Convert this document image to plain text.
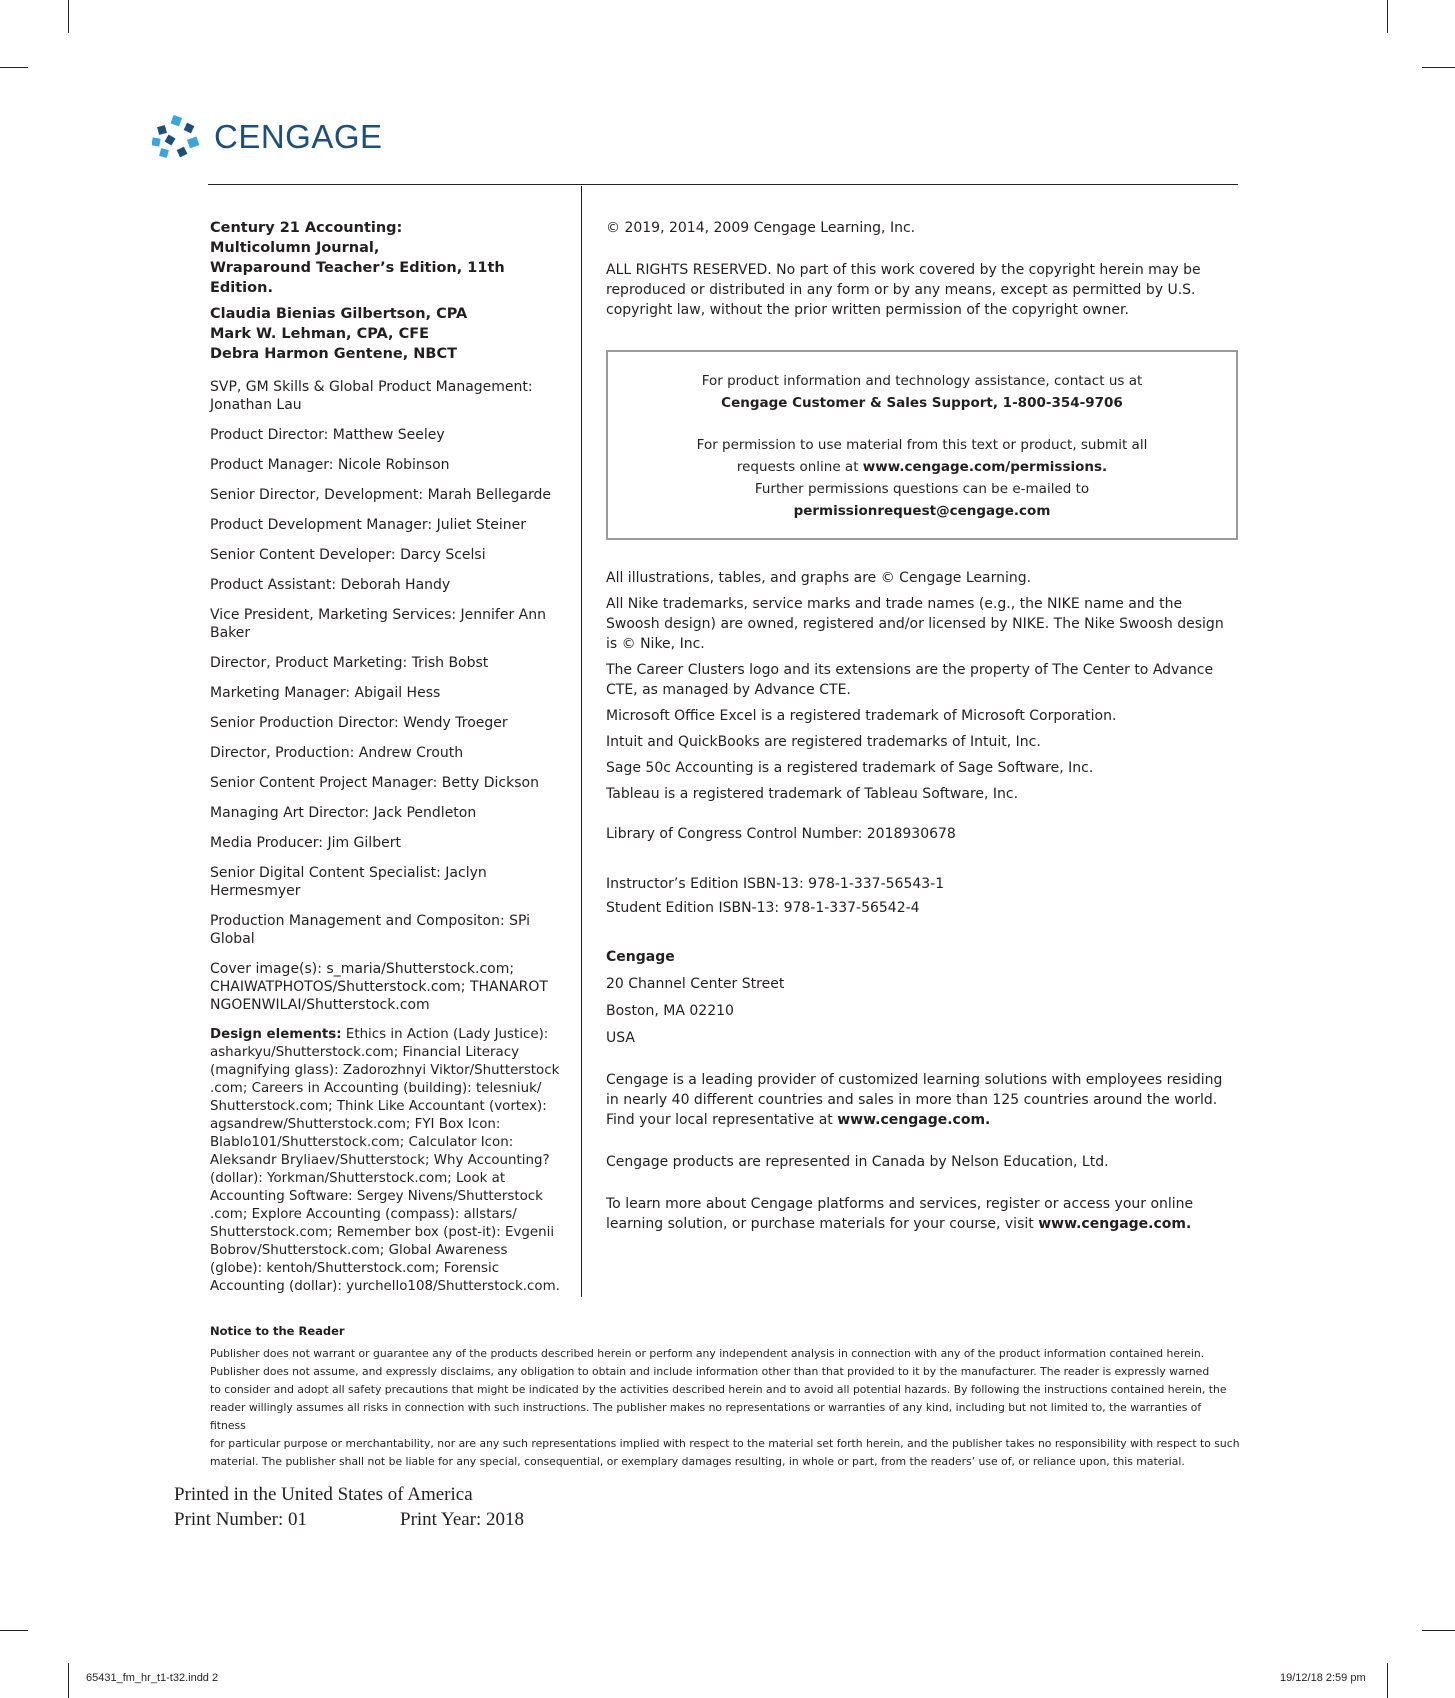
CENGAGE
Century 21 Accounting:
Multicolumn Journal,
Wraparound Teacher’s Edition, 11th Edition.
Claudia Bienias Gilbertson, CPA
Mark W. Lehman, CPA, CFE
Debra Harmon Gentene, NBCT

SVP, GM Skills & Global Product Management: Jonathan Lau

Product Director: Matthew Seeley

Product Manager: Nicole Robinson

Senior Director, Development: Marah Bellegarde

Product Development Manager: Juliet Steiner

Senior Content Developer: Darcy Scelsi

Product Assistant: Deborah Handy

Vice President, Marketing Services: Jennifer Ann Baker

Director, Product Marketing: Trish Bobst

Marketing Manager: Abigail Hess

Senior Production Director: Wendy Troeger

Director, Production: Andrew Crouth

Senior Content Project Manager: Betty Dickson

Managing Art Director: Jack Pendleton

Media Producer: Jim Gilbert

Senior Digital Content Specialist: Jaclyn Hermesmyer

Production Management and Compositon: SPi Global

Cover image(s): s_maria/Shutterstock.com; CHAIWATPHOTOS/Shutterstock.com; THANAROT NGOENWILAI/Shutterstock.com

Design elements: Ethics in Action (Lady Justice): asharkyu/Shutterstock.com; Financial Literacy (magnifying glass): Zadorozhnyi Viktor/Shutterstock .com; Careers in Accounting (building): telesniuk/ Shutterstock.com; Think Like Accountant (vortex): agsandrew/Shutterstock.com; FYI Box Icon: Blablo101/Shutterstock.com; Calculator Icon: Aleksandr Bryliaev/Shutterstock; Why Accounting? (dollar): Yorkman/Shutterstock.com; Look at Accounting Software: Sergey Nivens/Shutterstock .com; Explore Accounting (compass): allstars/ Shutterstock.com; Remember box (post-it): Evgenii Bobrov/Shutterstock.com; Global Awareness (globe): kentoh/Shutterstock.com; Forensic Accounting (dollar): yurchello108/Shutterstock.com.

© 2019, 2014, 2009 Cengage Learning, Inc.

ALL RIGHTS RESERVED. No part of this work covered by the copyright herein may be reproduced or distributed in any form or by any means, except as permitted by U.S. copyright law, without the prior written permission of the copyright owner.

For product information and technology assistance, contact us at
Cengage Customer & Sales Support, 1-800-354-9706
For permission to use material from this text or product, submit all
requests online at www.cengage.com/permissions.
Further permissions questions can be e-mailed to
permissionrequest@cengage.com

All illustrations, tables, and graphs are © Cengage Learning.

All Nike trademarks, service marks and trade names (e.g., the NIKE name and the Swoosh design) are owned, registered and/or licensed by NIKE. The Nike Swoosh design is © Nike, Inc.

The Career Clusters logo and its extensions are the property of The Center to Advance CTE, as managed by Advance CTE.

Microsoft Office Excel is a registered trademark of Microsoft Corporation.

Intuit and QuickBooks are registered trademarks of Intuit, Inc.

Sage 50c Accounting is a registered trademark of Sage Software, Inc.

Tableau is a registered trademark of Tableau Software, Inc.

Library of Congress Control Number: 2018930678

Instructor’s Edition ISBN-13: 978-1-337-56543-1

Student Edition ISBN-13: 978-1-337-56542-4

Cengage
20 Channel Center Street
Boston, MA 02210
USA

Cengage is a leading provider of customized learning solutions with employees residing in nearly 40 different countries and sales in more than 125 countries around the world. Find your local representative at www.cengage.com.

Cengage products are represented in Canada by Nelson Education, Ltd.

To learn more about Cengage platforms and services, register or access your online learning solution, or purchase materials for your course, visit www.cengage.com.

Notice to the Reader
Publisher does not warrant or guarantee any of the products described herein or perform any independent analysis in connection with any of the product information contained herein.
Publisher does not assume, and expressly disclaims, any obligation to obtain and include information other than that provided to it by the manufacturer. The reader is expressly warned
to consider and adopt all safety precautions that might be indicated by the activities described herein and to avoid all potential hazards. By following the instructions contained herein, the
reader willingly assumes all risks in connection with such instructions. The publisher makes no representations or warranties of any kind, including but not limited to, the warranties of fitness
for particular purpose or merchantability, nor are any such representations implied with respect to the material set forth herein, and the publisher takes no responsibility with respect to such
material. The publisher shall not be liable for any special, consequential, or exemplary damages resulting, in whole or part, from the readers’ use of, or reliance upon, this material.
Printed in the United States of America
Print Number: 01	Print Year: 2018
65431_fm_hr_t1-t32.indd 2	19/12/18 2:59 pm
